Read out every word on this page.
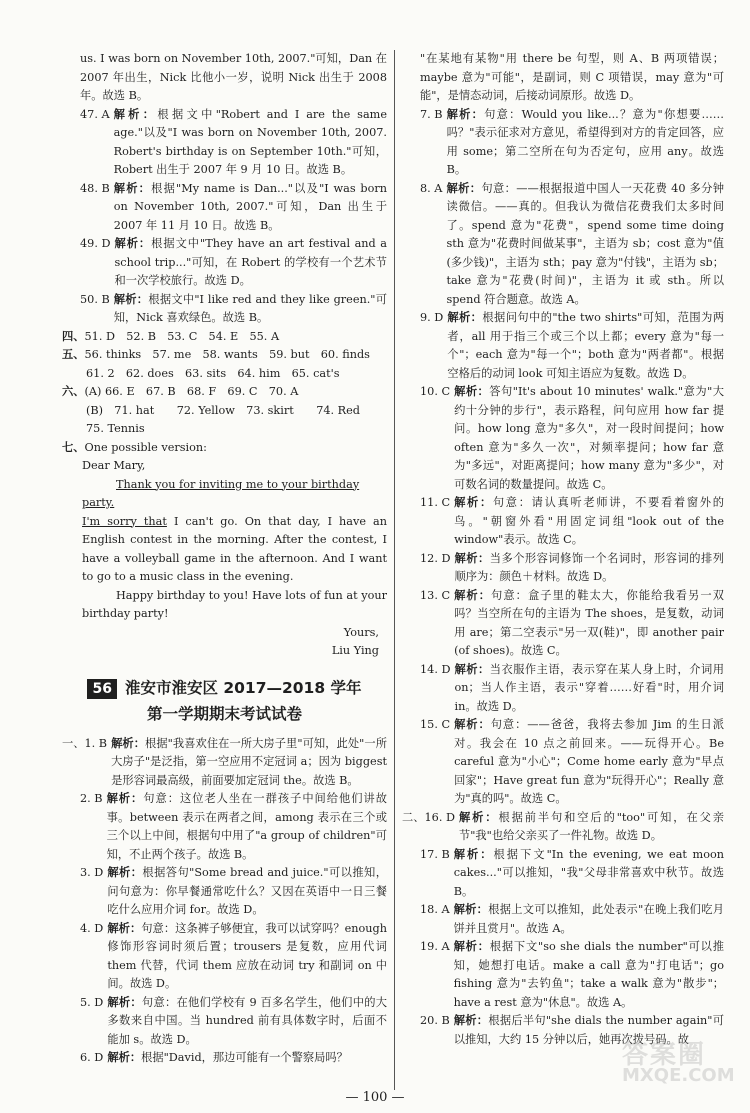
us. I was born on November 10th, 2007."可知，Dan 在 2007 年出生，Nick 比他小一岁，说明 Nick 出生于 2008 年。故选 B。

47. A 解析：根据文中"Robert and I are the same age."以及"I was born on November 10th, 2007. Robert's birthday is on September 10th."可知，Robert 出生于 2007 年 9 月 10 日。故选 B。
48. B 解析：根据"My name is Dan..."以及"I was born on November 10th, 2007."可知，Dan 出生于 2007 年 11 月 10 日。故选 B。
49. D 解析：根据文中"They have an art festival and a school trip..."可知，在 Robert 的学校有一个艺术节和一次学校旅行。故选 D。
50. B 解析：根据文中"I like red and they like green."可知，Nick 喜欢绿色。故选 B。
四、 51. D　52. B　53. C　54. E　55. A
五、 56. thinks　57. me　58. wants　59. but　60. finds
61. 2　62. does　63. sits　64. him　65. cat's
六、 (A) 66. E　67. B　68. F　69. C　70. A
(B)　71. hat　　72. Yellow　73. skirt　　74. Red
75. Tennis
七、 One possible version:

Dear Mary,

Thank you for inviting me to your birthday party.

I'm sorry that I can't go. On that day, I have an English contest in the morning. After the contest, I have a volleyball game in the afternoon. And I want to go to a music class in the evening.

Happy birthday to you! Have lots of fun at your birthday party!

Yours,

Liu Ying

56 淮安市淮安区 2017—2018 学年
第一学期期末考试试卷
一、1. B 解析：根据"我喜欢住在一所大房子里"可知，此处"一所大房子"是泛指，第一空应用不定冠词 a；因为 biggest 是形容词最高级，前面要加定冠词 the。故选 B。
2. B 解析：句意：这位老人坐在一群孩子中间给他们讲故事。between 表示在两者之间，among 表示在三个或三个以上中间，根据句中用了"a group of children"可知，不止两个孩子。故选 B。
3. D 解析：根据答句"Some bread and juice."可以推知，问句意为：你早餐通常吃什么？又因在英语中一日三餐吃什么应用介词 for。故选 D。
4. D 解析：句意：这条裤子够便宜，我可以试穿吗？enough 修饰形容词时须后置；trousers 是复数，应用代词 them 代替，代词 them 应放在动词 try 和副词 on 中间。故选 D。
5. D 解析：句意：在他们学校有 9 百多名学生，他们中的大多数来自中国。当 hundred 前有具体数字时，后面不能加 s。故选 D。
6. D 解析：根据"David，那边可能有一个警察局吗？

"在某地有某物"用 there be 句型，则 A、B 两项错误；maybe 意为"可能"，是副词，则 C 项错误，may 意为"可能"，是情态动词，后接动词原形。故选 D。

7. B 解析：句意：Would you like...？意为"你想要……吗？"表示征求对方意见，希望得到对方的肯定回答，应用 some；第二空所在句为否定句，应用 any。故选 B。
8. A 解析：句意：——根据报道中国人一天花费 40 多分钟读微信。——真的。但我认为微信花费我们太多时间了。spend 意为"花费"，spend some time doing sth 意为"花费时间做某事"，主语为 sb；cost 意为"值(多少钱)"，主语为 sth；pay 意为"付钱"，主语为 sb；take 意为"花费(时间)"，主语为 it 或 sth。所以 spend 符合题意。故选 A。
9. D 解析：根据问句中的"the two shirts"可知，范围为两者，all 用于指三个或三个以上都；every 意为"每一个"；each 意为"每一个"；both 意为"两者都"。根据空格后的动词 look 可知主语应为复数。故选 D。
10. C 解析：答句"It's about 10 minutes' walk."意为"大约十分钟的步行"，表示路程，问句应用 how far 提问。how long 意为"多久"，对一段时间提问；how often 意为"多久一次"，对频率提问；how far 意为"多远"，对距离提问；how many 意为"多少"，对可数名词的数量提问。故选 C。
11. C 解析：句意：请认真听老师讲，不要看着窗外的鸟。"朝窗外看"用固定词组"look out of the window"表示。故选 C。
12. D 解析：当多个形容词修饰一个名词时，形容词的排列顺序为：颜色＋材料。故选 D。
13. C 解析：句意：盒子里的鞋太大，你能给我看另一双吗？当空所在句的主语为 The shoes，是复数，动词用 are；第二空表示"另一双(鞋)"，即 another pair (of shoes)。故选 C。
14. D 解析：当衣服作主语，表示穿在某人身上时，介词用 on；当人作主语，表示"穿着……好看"时，用介词 in。故选 D。
15. C 解析：句意：——爸爸，我将去参加 Jim 的生日派对。我会在 10 点之前回来。——玩得开心。Be careful 意为"小心"；Come home early 意为"早点回家"；Have great fun 意为"玩得开心"；Really 意为"真的吗"。故选 C。
二、16. D 解析：根据前半句和空后的"too"可知，在父亲节"我"也给父亲买了一件礼物。故选 D。
17. B 解析：根据下文"In the evening, we eat moon cakes..."可以推知，"我"父母非常喜欢中秋节。故选 B。
18. A 解析：根据上文可以推知，此处表示"在晚上我们吃月饼并且赏月"。故选 A。
19. A 解析：根据下文"so she dials the number"可以推知，她想打电话。make a call 意为"打电话"；go fishing 意为"去钓鱼"；take a walk 意为"散步"；have a rest 意为"休息"。故选 A。
20. B 解析：根据后半句"she dials the number again"可以推知，大约 15 分钟以后，她再次拨号码。故
— 100 —
答案圈
MXQE.COM
